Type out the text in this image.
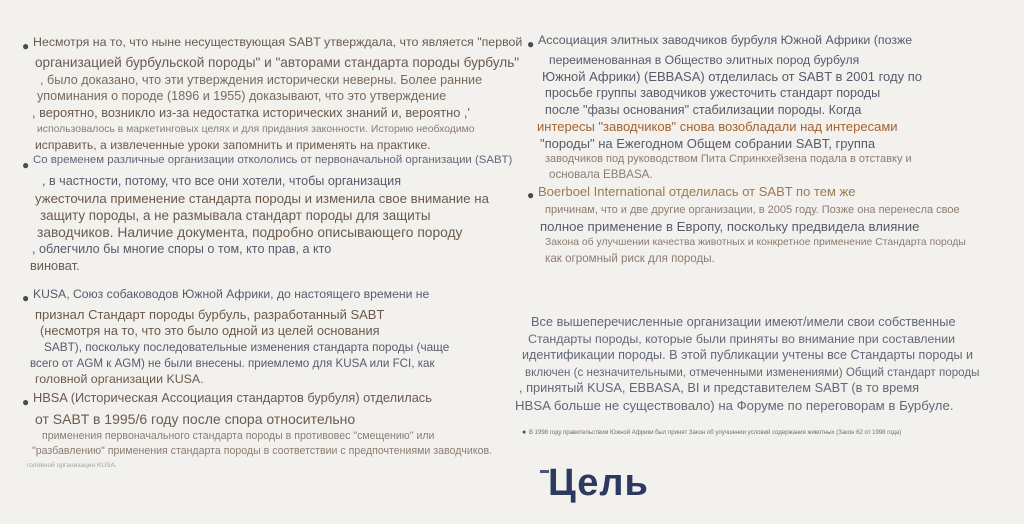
● Несмотря на то, что ныне несуществующая SABT утверждала, что является "первой
организацией бурбульской породы" и "авторами стандарта породы бурбуль"
, было доказано, что эти утверждения исторически неверны. Более ранние
упоминания о породе (1896 и 1955) доказывают, что это утверждение
, вероятно, возникло из-за недостатка исторических знаний и, вероятно ,'
использовалось в маркетинговых целях и для придания законности. Историю необходимо
исправить, а извлеченные уроки запомнить и применять на практике.
● Со временем различные организации откололись от первоначальной организации (SABT)
, в частности, потому, что все они хотели, чтобы организация
ужесточила применение стандарта породы и изменила свое внимание на
защиту породы, а не размывала стандарт породы для защиты
заводчиков. Наличие документа, подробно описывающего породу
, облегчило бы многие споры о том, кто прав, а кто
виноват.
● KUSA, Союз собаководов Южной Африки, до настоящего времени не
признал Стандарт породы бурбуль, разработанный SABT
(несмотря на то, что это было одной из целей основания
SABT), поскольку последовательные изменения стандарта породы (чаще
всего от AGM к AGM) не были внесены. приемлемо для KUSA или FCI, как
головной организации KUSA.
● HBSA (Историческая Ассоциация стандартов бурбуля) отделилась
от SABT в 1995/6 году после спора относительно
применения первоначального стандарта породы в противовес "смещению" или
"разбавлению" применения стандарта породы в соответствии с предпочтениями заводчиков.
головной организации KUSA.
● Ассоциация элитных заводчиков бурбуля Южной Африки (позже
переименованная в Общество элитных пород бурбуля
Южной Африки) (EBBASA) отделилась от SABT в 2001 году по
просьбе группы заводчиков ужесточить стандарт породы
после "фазы основания" стабилизации породы. Когда
интересы "заводчиков" снова возобладали над интересами
"породы" на Ежегодном Общем собрании SABT, группа
заводчиков под руководством Пита Спринкхейзена подала в отставку и
основала EBBASA.
● Boerboel International отделилась от SABT по тем же
причинам, что и две другие организации, в 2005 году. Позже она перенесла свое
полное применение в Европу, поскольку предвидела влияние
Закона об улучшении качества животных и конкретное применение Стандарта породы
как огромный риск для породы.
Все вышеперечисленные организации имеют/имели свои собственные
Стандарты породы, которые были приняты во внимание при составлении
идентификации породы. В этой публикации учтены все Стандарты породы и
включен (с незначительными, отмеченными изменениями) Общий стандарт породы
, принятый KUSA, EBBASA, BI и представителем SABT (в то время
HBSA больше не существовало) на Форуме по переговорам в Бурбуле.
● В 1998 году правительством Южной Африки был принят Закон об улучшении условий содержания животных (Закон 62 от 1998 года)
Цель
